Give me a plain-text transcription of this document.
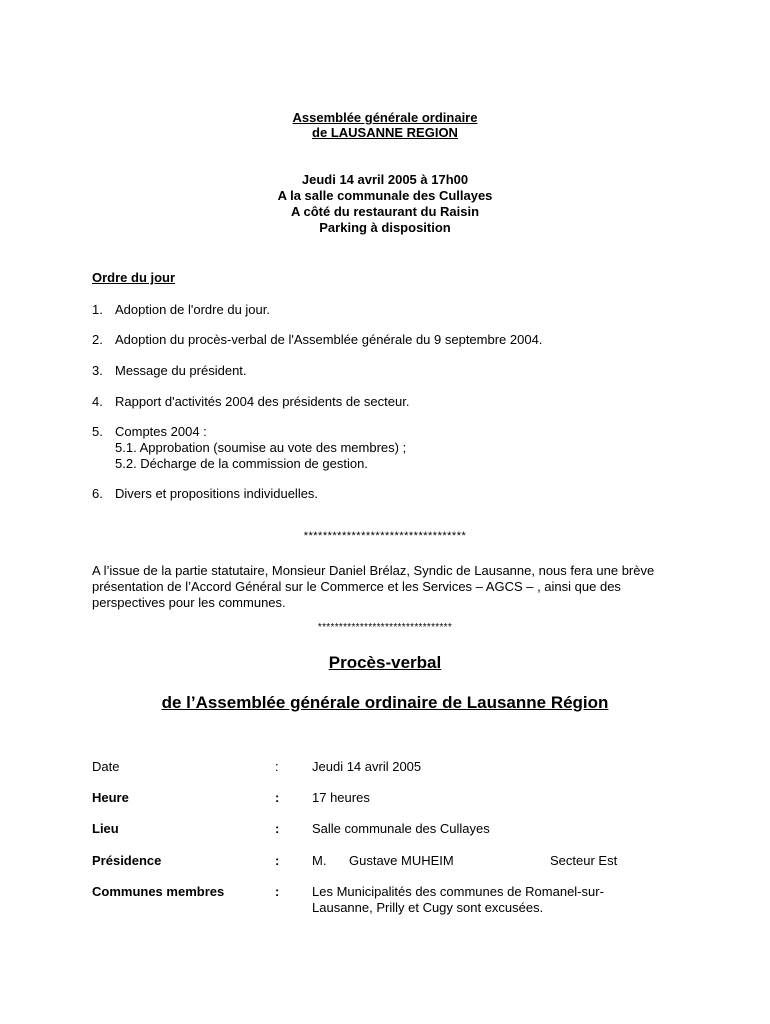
Assemblée générale ordinaire
de LAUSANNE REGION
Jeudi 14 avril 2005 à 17h00
A la salle communale des Cullayes
A côté du restaurant du Raisin
Parking à disposition
Ordre du jour
1. Adoption de l'ordre du jour.
2. Adoption du procès-verbal de l'Assemblée générale du 9 septembre 2004.
3. Message du président.
4. Rapport d'activités 2004 des présidents de secteur.
5. Comptes 2004 :
5.1. Approbation (soumise au vote des membres) ;
5.2. Décharge de la commission de gestion.
6. Divers et propositions individuelles.
**********************************
A l’issue de la partie statutaire, Monsieur Daniel Brélaz, Syndic de Lausanne, nous fera une brève présentation de l’Accord Général sur le Commerce et les Services – AGCS – , ainsi que des perspectives pour les communes.
********************************
Procès-verbal
de l’Assemblée générale ordinaire de Lausanne Région
Date	:	Jeudi 14 avril 2005
Heure	:	17 heures
Lieu	:	Salle communale des Cullayes
Présidence	:	M. Gustave MUHEIM	Secteur Est
Communes membres	:	Les Municipalités des communes de Romanel-sur-Lausanne, Prilly et Cugy sont excusées.
